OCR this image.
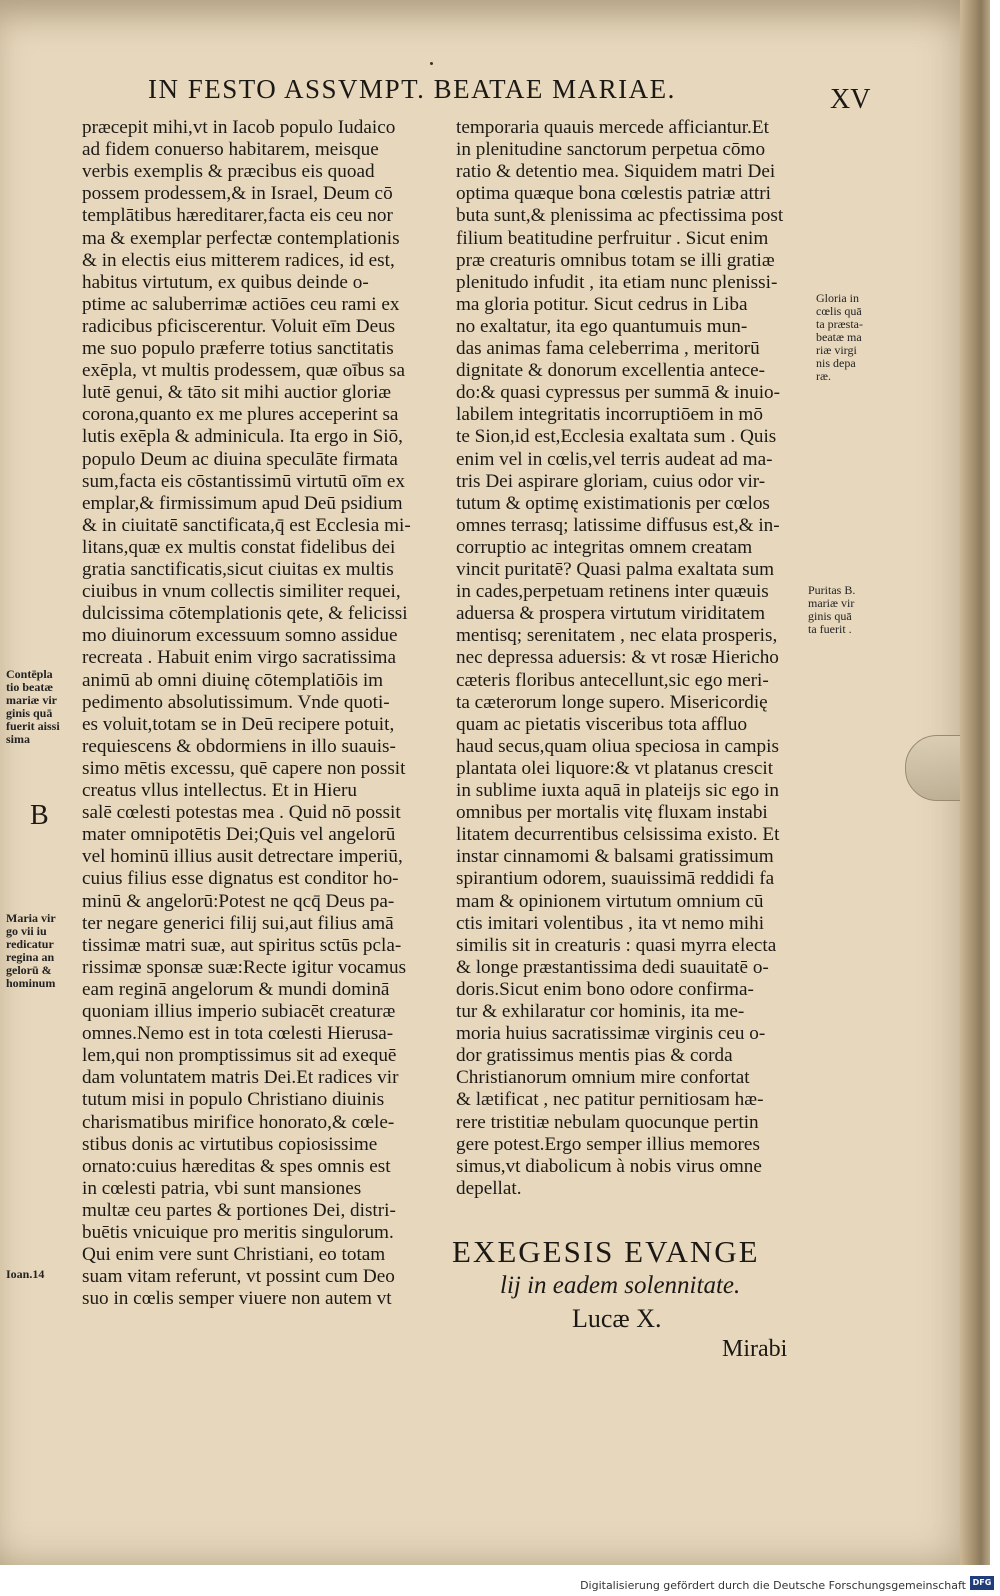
IN FESTO ASSVMPT. BEATAE MARIAE.	XV
præcepit mihi,vt in Iacob populo Iudaico
ad fidem conuerso habitarem, meisque
verbis exemplis & præcibus eis quoad
possem prodessem,& in Israel, Deum cō
templātibus hæreditarer,facta eis ceu nor
ma & exemplar perfectæ contemplationis
& in electis eius mitterem radices, id est,
habitus virtutum, ex quibus deinde o-
ptime ac saluberrimæ actiōes ceu rami ex
radicibus pficiscerentur. Voluit eīm Deus
me suo populo præferre totius sanctitatis
exēpla, vt multis prodessem, quæ oībus sa
lutē genui, & tāto sit mihi auctior gloriæ
corona,quanto ex me plures acceperint sa
lutis exēpla & adminicula. Ita ergo in Siō,
populo Deum ac diuina speculāte firmata
sum,facta eis cōstantissimū virtutū oīm ex
emplar,& firmissimum apud Deū psidium
& in ciuitatē sanctificata,q̄ est Ecclesia mi-
litans,quæ ex multis constat fidelibus dei
gratia sanctificatis,sicut ciuitas ex multis
ciuibus in vnum collectis similiter requei,
dulcissima cōtemplationis qete, & felicissi
mo diuinorum excessuum somno assidue
recreata . Habuit enim virgo sacratissima
animū ab omni diuinę cōtemplatiōis im
pedimento absolutissimum. Vnde quoti-
es voluit,totam se in Deū recipere potuit,
requiescens & obdormiens in illo suauis-
simo mētis excessu, quē capere non possit
creatus vllus intellectus. Et in Hieru
salē cœlesti potestas mea . Quid nō possit
mater omnipotētis Dei;Quis vel angelorū
vel hominū illius ausit detrectare imperiū,
cuius filius esse dignatus est conditor ho-
minū & angelorū:Potest ne qcq̄ Deus pa-
ter negare generici filij sui,aut filius amā
tissimæ matri suæ, aut spiritus sctūs pcla-
rissimæ sponsæ suæ:Recte igitur vocamus
eam reginā angelorum & mundi dominā
quoniam illius imperio subiacēt creaturæ
omnes.Nemo est in tota cœlesti Hierusa-
lem,qui non promptissimus sit ad exequē
dam voluntatem matris Dei.Et radices vir
tutum misi in populo Christiano diuinis
charismatibus mirifice honorato,& cœle-
stibus donis ac virtutibus copiosissime
ornato:cuius hæreditas & spes omnis est
in cœlesti patria, vbi sunt mansiones
multæ ceu partes & portiones Dei, distri-
buētis vnicuique pro meritis singulorum.
Qui enim vere sunt Christiani, eo totam
suam vitam referunt, vt possint cum Deo
suo in cœlis semper viuere non autem vt
temporaria quauis mercede afficiantur.Et
in plenitudine sanctorum perpetua cōmo
ratio & detentio mea. Siquidem matri Dei
optima quæque bona cœlestis patriæ attri
buta sunt,& plenissima ac pfectissima post
filium beatitudine perfruitur . Sicut enim
præ creaturis omnibus totam se illi gratiæ
plenitudo infudit , ita etiam nunc plenissi-
ma gloria potitur. Sicut cedrus in Liba
no exaltatur, ita ego quantumuis mun-
das animas fama celeberrima , meritorū
dignitate & donorum excellentia antece-
do:& quasi cypressus per summā & inuio-
labilem integritatis incorruptiōem in mō
te Sion,id est,Ecclesia exaltata sum . Quis
enim vel in cœlis,vel terris audeat ad ma-
tris Dei aspirare gloriam, cuius odor vir-
tutum & optimę existimationis per cœlos
omnes terrasq; latissime diffusus est,& in-
corruptio ac integritas omnem creatam
vincit puritatē? Quasi palma exaltata sum
in cades,perpetuam retinens inter quæuis
aduersa & prospera virtutum viriditatem
mentisq; serenitatem , nec elata prosperis,
nec depressa aduersis: & vt rosæ Hiericho
cæteris floribus antecellunt,sic ego meri-
ta cæterorum longe supero. Misericordię
quam ac pietatis visceribus tota affluo
haud secus,quam oliua speciosa in campis
plantata olei liquore:& vt platanus crescit
in sublime iuxta aquā in plateijs sic ego in
omnibus per mortalis vitę fluxam instabi
litatem decurrentibus celsissima existo. Et
instar cinnamomi & balsami gratissimum
spirantium odorem, suauissimā reddidi fa
mam & opinionem virtutum omnium cū
ctis imitari volentibus , ita vt nemo mihi
similis sit in creaturis : quasi myrra electa
& longe præstantissima dedi suauitatē o-
doris.Sicut enim bono odore confirma-
tur & exhilaratur cor hominis, ita me-
moria huius sacratissimæ virginis ceu o-
dor gratissimus mentis pias & corda
Christianorum omnium mire confortat
& lætificat , nec patitur pernitiosam hæ-
rere tristitiæ nebulam quocunque pertin
gere potest.Ergo semper illius memores
simus,vt diabolicum à nobis virus omne
depellat.
Gloria in
cœlis quā
ta præsta-
beatæ ma
riæ virgi
nis depa
ræ.
Puritas B.
mariæ vir
ginis quā
ta fuerit .
Contēpla
tio beatæ
mariæ vir
ginis quā
fuerit aissi
sima
Maria vir
go vii iu
redicatur
regina an
gelorū &
hominum
Ioan.14
B
EXEGESIS EVANGE
lij in eadem solennitate.
Lucæ X.
Mirabi
Digitalisierung gefördert durch die Deutsche Forschungsgemeinschaft DFG
